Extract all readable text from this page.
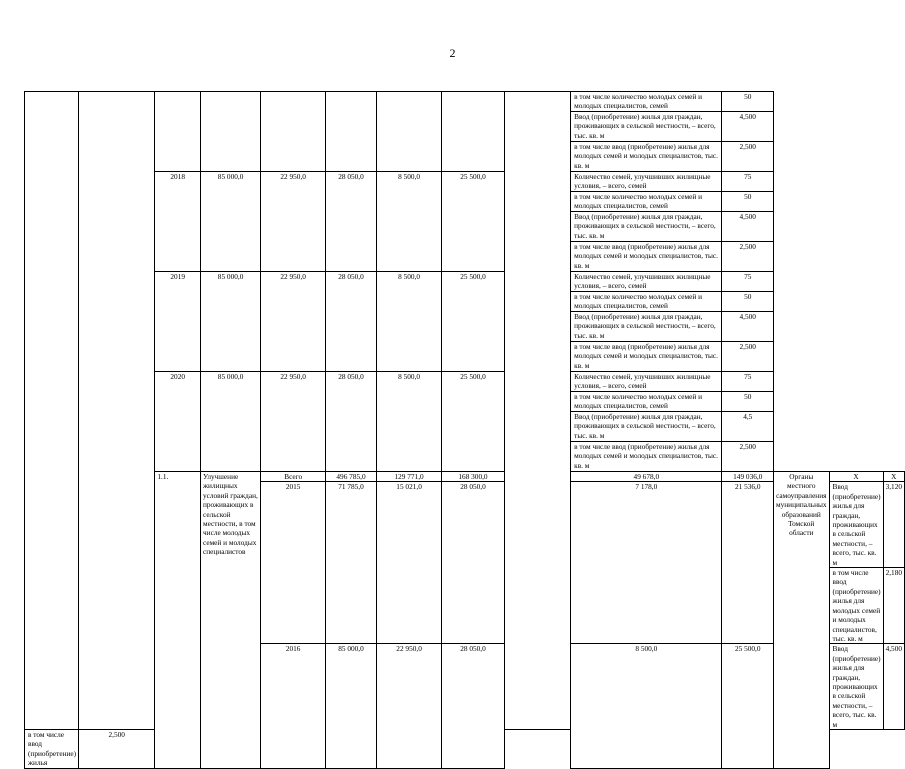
2
									в том числе количество молодых семей и молодых специалистов, семей	50			
									Ввод (приобретение) жилья для граждан, проживающих в сельской местности, – всего, тыс. кв. м	4,500			
									в том числе ввод (приобретение) жилья для молодых семей и молодых специалистов, тыс. кв. м	2,500			
		2018	85 000,0	22 950,0	28 050,0	8 500,0	25 500,0		Количество семей, улучшивших жилищные условия, – всего, семей	75			
									в том числе количество молодых семей и молодых специалистов, семей	50			
									Ввод (приобретение) жилья для граждан, проживающих в сельской местности, – всего, тыс. кв. м	4,500			
									в том числе ввод (приобретение) жилья для молодых семей и молодых специалистов, тыс. кв. м	2,500			
		2019	85 000,0	22 950,0	28 050,0	8 500,0	25 500,0		Количество семей, улучшивших жилищные условия, – всего, семей	75			
									в том числе количество молодых семей и молодых специалистов, семей	50			
									Ввод (приобретение) жилья для граждан, проживающих в сельской местности, – всего, тыс. кв. м	4,500			
									в том числе ввод (приобретение) жилья для молодых семей и молодых специалистов, тыс. кв. м	2,500			
		2020	85 000,0	22 950,0	28 050,0	8 500,0	25 500,0		Количество семей, улучшивших жилищные условия, – всего, семей	75			
									в том числе количество молодых семей и молодых специалистов, семей	50			
									Ввод (приобретение) жилья для граждан, проживающих в сельской местности, – всего, тыс. кв. м	4,5			
									в том числе ввод (приобретение) жилья для молодых семей и молодых специалистов, тыс. кв. м	2,500			
		1.1.	Улучшение жилищных условий граждан, проживающих в сельской местности, в том числе молодых семей и молодых специалистов	Всего	496 785,0	129 771,0	168 300,0		49 678,0	149 036,0	Органы местного самоуправления муниципальных образований Томской области	X	X
				2015	71 785,0	15 021,0	28 050,0		7 178,0	21 536,0		Ввод (приобретение) жилья для граждан, проживающих в сельской местности, – всего, тыс. кв. м	3,120
												в том числе ввод (приобретение) жилья для молодых семей и молодых специалистов, тыс. кв. м	2,180
				2016	85 000,0	22 950,0	28 050,0		8 500,0	25 500,0		Ввод (приобретение) жилья для граждан, проживающих в сельской местности, – всего, тыс. кв. м	4,500
в том числе ввод (приобретение) жилья	2,500												
